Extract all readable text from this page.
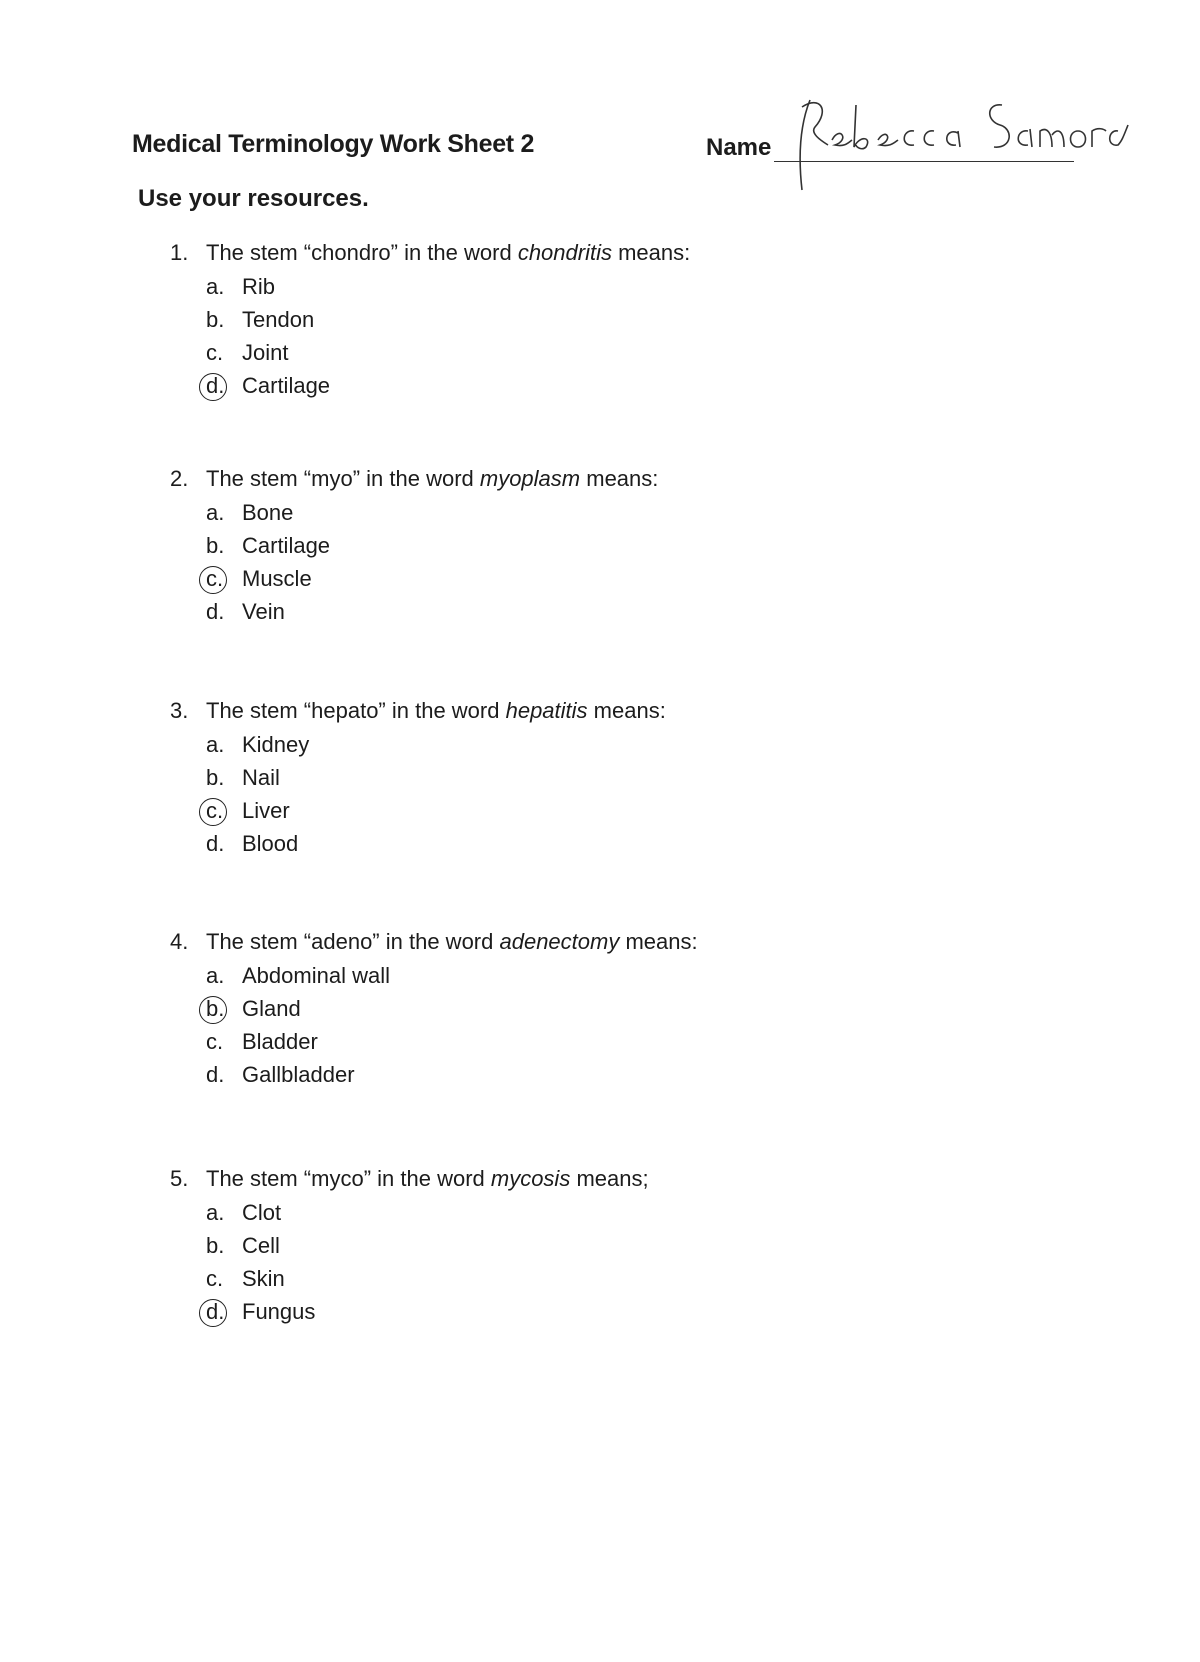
Medical Terminology Work Sheet 2	Name
Use your resources.
1. The stem “chondro” in the word chondritis means:
a. Rib
b. Tendon
c. Joint
d. Cartilage
2. The stem “myo” in the word myoplasm means:
a. Bone
b. Cartilage
c. Muscle
d. Vein
3. The stem “hepato” in the word hepatitis means:
a. Kidney
b. Nail
c. Liver
d. Blood
4. The stem “adeno” in the word adenectomy means:
a. Abdominal wall
b. Gland
c. Bladder
d. Gallbladder
5. The stem “myco” in the word mycosis means;
a. Clot
b. Cell
c. Skin
d. Fungus
